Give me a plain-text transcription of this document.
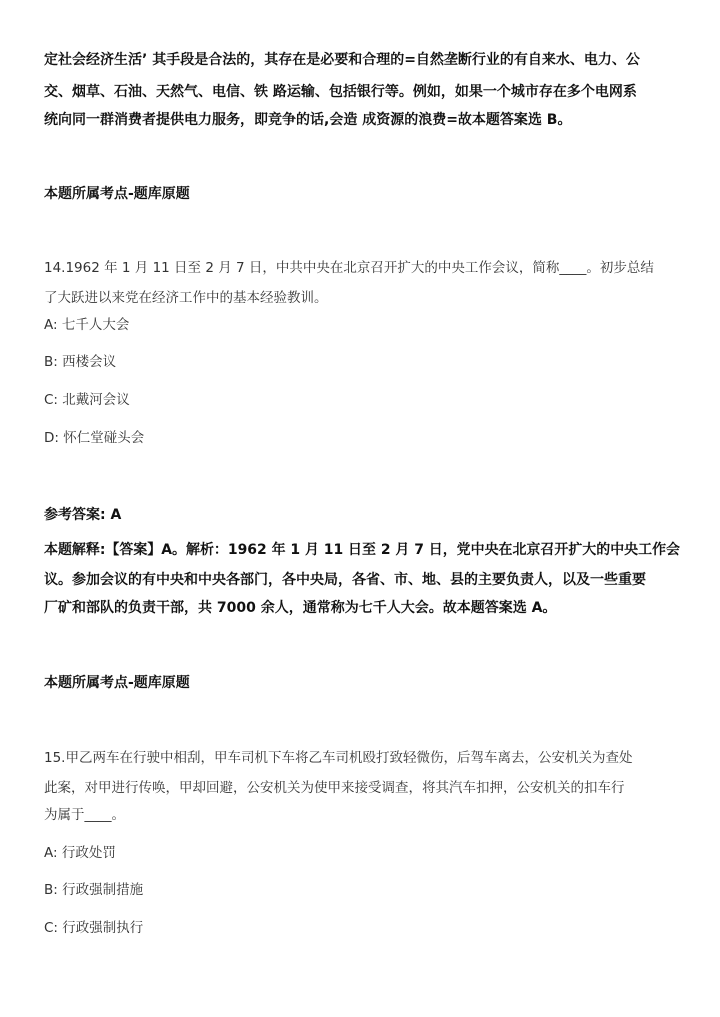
定社会经济生活’ 其手段是合法的，其存在是必要和合理的=自然垄断行业的有自来水、电力、公
交、烟草、石油、天然气、电信、铁 路运输、包括银行等。例如，如果一个城市存在多个电网系
统向同一群消费者提供电力服务，即竞争的话,会造 成资源的浪费=故本题答案选 B。
本题所属考点-题库原题
14.1962 年 1 月 11 日至 2 月 7 日，中共中央在北京召开扩大的中央工作会议，简称____。初步总结
了大跃进以来党在经济工作中的基本经验教训。
A: 七千人大会
B: 西楼会议
C: 北戴河会议
D: 怀仁堂碰头会
参考答案: A
本题解释:【答案】A。解析：1962 年 1 月 11 日至 2 月 7 日，党中央在北京召开扩大的中央工作会
议。参加会议的有中央和中央各部门，各中央局，各省、市、地、县的主要负责人，以及一些重要
厂矿和部队的负责干部，共 7000 余人，通常称为七千人大会。故本题答案选 A。
本题所属考点-题库原题
15.甲乙两车在行驶中相刮，甲车司机下车将乙车司机殴打致轻微伤，后驾车离去，公安机关为查处
此案，对甲进行传唤，甲却回避，公安机关为使甲来接受调查，将其汽车扣押，公安机关的扣车行
为属于____。
A: 行政处罚
B: 行政强制措施
C: 行政强制执行
